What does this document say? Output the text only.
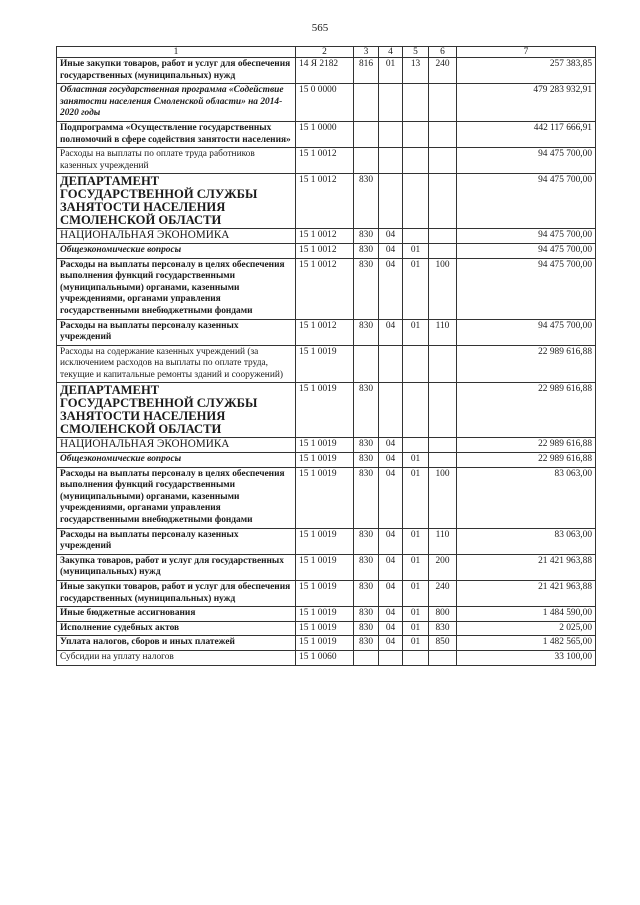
565
1	2	3	4	5	6	7
Иные закупки товаров, работ и услуг для обеспечения государственных (муниципальных) нужд	14 Я 2182	816	01	13	240	257 383,85
Областная государственная программа «Содействие занятости населения Смоленской области» на 2014-2020 годы	15 0 0000					479 283 932,91
Подпрограмма «Осуществление государственных полномочий в сфере содействия занятости населения»	15 1 0000					442 117 666,91
Расходы на выплаты по оплате труда работников казенных учреждений	15 1 0012					94 475 700,00
ДЕПАРТАМЕНТ ГОСУДАРСТВЕННОЙ СЛУЖБЫ ЗАНЯТОСТИ НАСЕЛЕНИЯ СМОЛЕНСКОЙ ОБЛАСТИ	15 1 0012	830				94 475 700,00
НАЦИОНАЛЬНАЯ ЭКОНОМИКА	15 1 0012	830	04			94 475 700,00
Общеэкономические вопросы	15 1 0012	830	04	01		94 475 700,00
Расходы на выплаты персоналу в целях обеспечения выполнения функций государственными (муниципальными) органами, казенными учреждениями, органами управления государственными внебюджетными фондами	15 1 0012	830	04	01	100	94 475 700,00
Расходы на выплаты персоналу казенных учреждений	15 1 0012	830	04	01	110	94 475 700,00
Расходы на содержание казенных учреждений (за исключением расходов на выплаты по оплате труда, текущие и капитальные ремонты зданий и сооружений)	15 1 0019					22 989 616,88
ДЕПАРТАМЕНТ ГОСУДАРСТВЕННОЙ СЛУЖБЫ ЗАНЯТОСТИ НАСЕЛЕНИЯ СМОЛЕНСКОЙ ОБЛАСТИ	15 1 0019	830				22 989 616,88
НАЦИОНАЛЬНАЯ ЭКОНОМИКА	15 1 0019	830	04			22 989 616,88
Общеэкономические вопросы	15 1 0019	830	04	01		22 989 616,88
Расходы на выплаты персоналу в целях обеспечения выполнения функций государственными (муниципальными) органами, казенными учреждениями, органами управления государственными внебюджетными фондами	15 1 0019	830	04	01	100	83 063,00
Расходы на выплаты персоналу казенных учреждений	15 1 0019	830	04	01	110	83 063,00
Закупка товаров, работ и услуг для государственных (муниципальных) нужд	15 1 0019	830	04	01	200	21 421 963,88
Иные закупки товаров, работ и услуг для обеспечения государственных (муниципальных) нужд	15 1 0019	830	04	01	240	21 421 963,88
Иные бюджетные ассигнования	15 1 0019	830	04	01	800	1 484 590,00
Исполнение судебных актов	15 1 0019	830	04	01	830	2 025,00
Уплата налогов, сборов и иных платежей	15 1 0019	830	04	01	850	1 482 565,00
Субсидии на уплату налогов	15 1 0060					33 100,00
